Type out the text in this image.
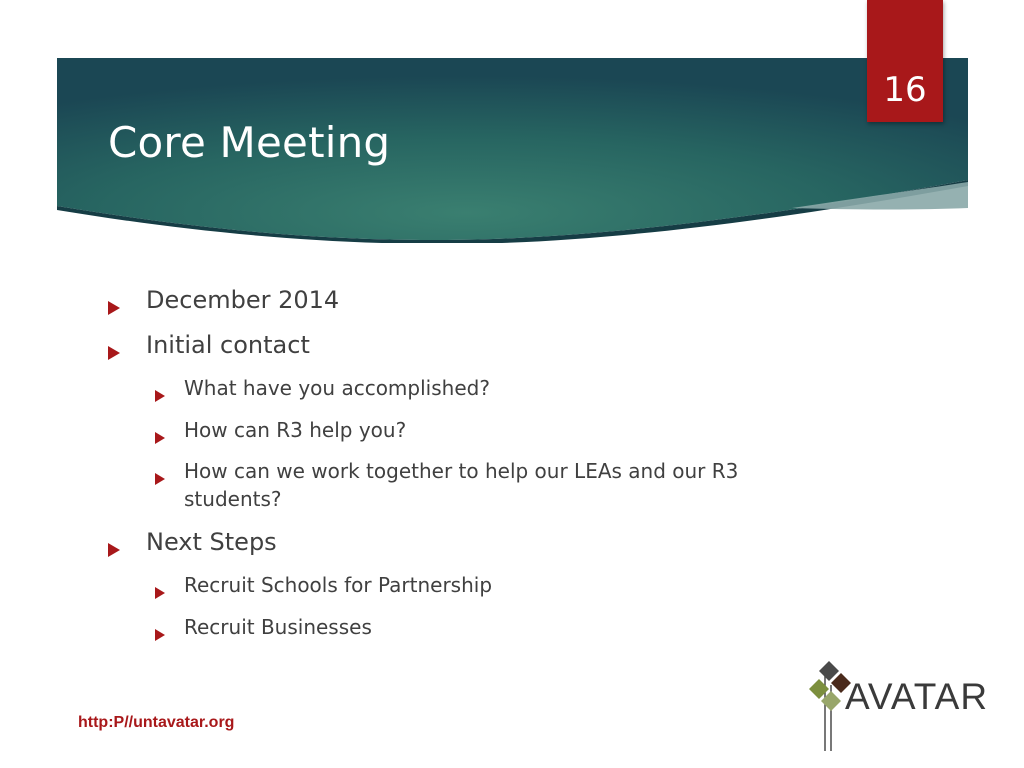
Core Meeting
16
December 2014
Initial contact
What have you accomplished?
How can R3 help you?
How can we work together to help our LEAs and our R3 students?
Next Steps
Recruit Schools for Partnership
Recruit Businesses
http:P//untavatar.org
AVATAR
